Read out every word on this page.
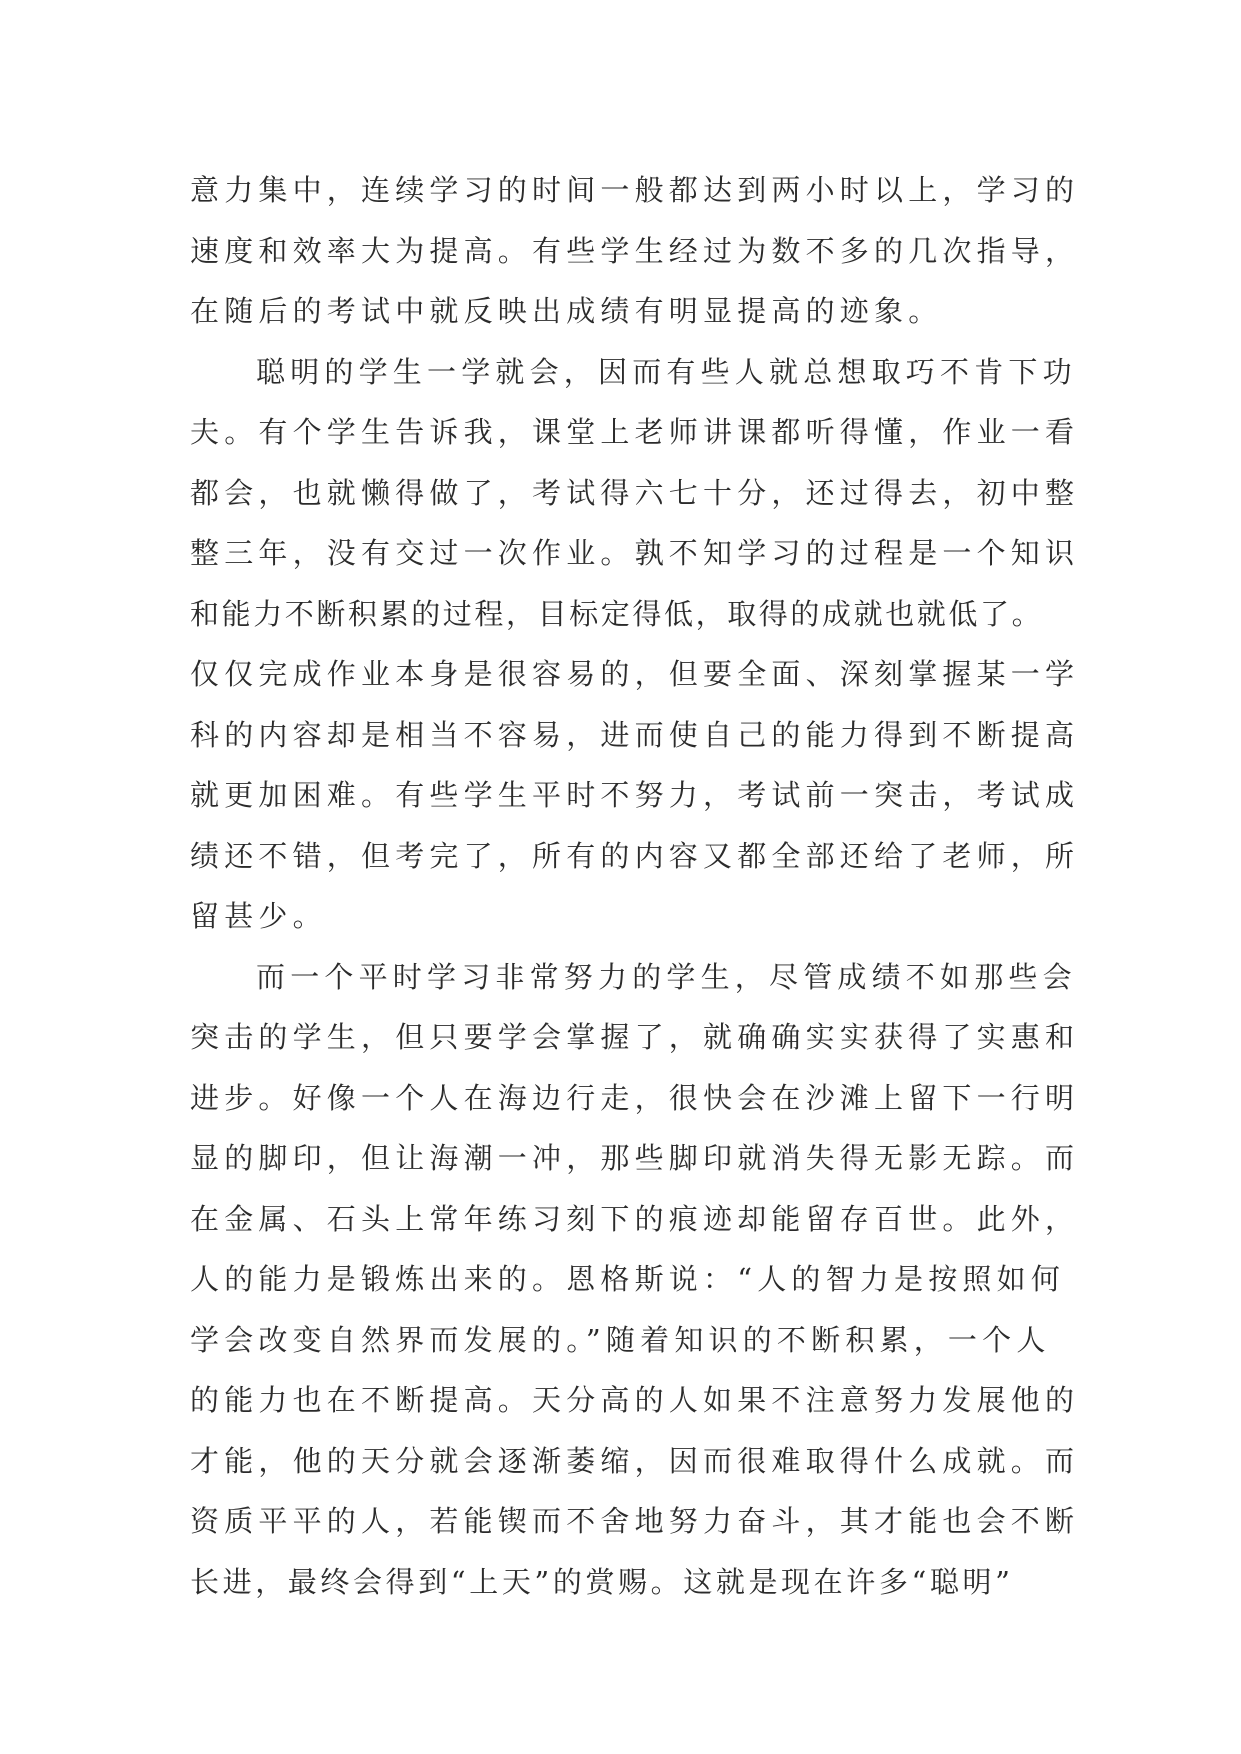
意力集中，连续学习的时间一般都达到两小时以上，学习的
速度和效率大为提高。有些学生经过为数不多的几次指导，
在随后的考试中就反映出成绩有明显提高的迹象。
聪明的学生一学就会，因而有些人就总想取巧不肯下功
夫。有个学生告诉我，课堂上老师讲课都听得懂，作业一看
都会，也就懒得做了，考试得六七十分，还过得去，初中整
整三年，没有交过一次作业。孰不知学习的过程是一个知识
和能力不断积累的过程，目标定得低，取得的成就也就低了。
仅仅完成作业本身是很容易的，但要全面、深刻掌握某一学
科的内容却是相当不容易，进而使自己的能力得到不断提高
就更加困难。有些学生平时不努力，考试前一突击，考试成
绩还不错，但考完了，所有的内容又都全部还给了老师，所
留甚少。
而一个平时学习非常努力的学生，尽管成绩不如那些会
突击的学生，但只要学会掌握了，就确确实实获得了实惠和
进步。好像一个人在海边行走，很快会在沙滩上留下一行明
显的脚印，但让海潮一冲，那些脚印就消失得无影无踪。而
在金属、石头上常年练习刻下的痕迹却能留存百世。此外，
人的能力是锻炼出来的。恩格斯说：“人的智力是按照如何
学会改变自然界而发展的。”随着知识的不断积累，一个人
的能力也在不断提高。天分高的人如果不注意努力发展他的
才能，他的天分就会逐渐萎缩，因而很难取得什么成就。而
资质平平的人，若能锲而不舍地努力奋斗，其才能也会不断
长进，最终会得到“上天”的赏赐。这就是现在许多“聪明”
